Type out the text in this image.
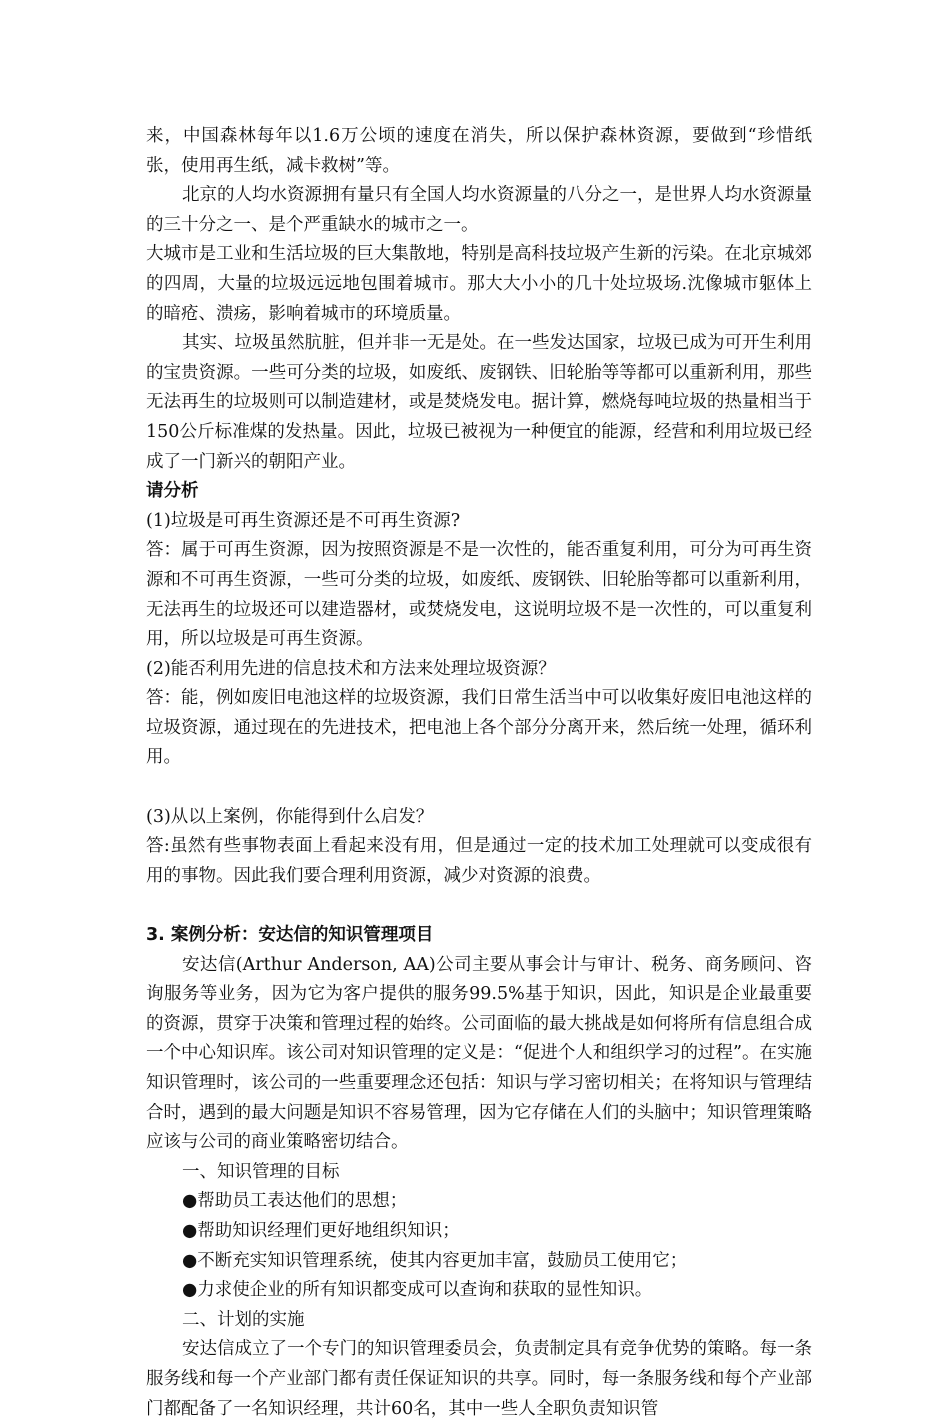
来，中国森林每年以1.6万公顷的速度在消失，所以保护森林资源，要做到“珍惜纸张，使用再生纸，减卡救树”等。

北京的人均水资源拥有量只有全国人均水资源量的八分之一，是世界人均水资源量的三十分之一、是个严重缺水的城市之一。

大城市是工业和生活垃圾的巨大集散地，特别是高科技垃圾产生新的污染。在北京城郊的四周，大量的垃圾远远地包围着城市。那大大小小的几十处垃圾场.沈像城市躯体上的暗疮、溃疡，影响着城市的环境质量。

其实、垃圾虽然肮脏，但并非一无是处。在一些发达国家，垃圾已成为可开生利用的宝贵资源。一些可分类的垃圾，如废纸、废钢铁、旧轮胎等等都可以重新利用，那些无法再生的垃圾则可以制造建材，或是焚烧发电。据计算，燃烧每吨垃圾的热量相当于150公斤标准煤的发热量。因此，垃圾已被视为一种便宜的能源，经营和利用垃圾已经成了一门新兴的朝阳产业。

请分析

(1)垃圾是可再生资源还是不可再生资源?

答：属于可再生资源，因为按照资源是不是一次性的，能否重复利用，可分为可再生资源和不可再生资源，一些可分类的垃圾，如废纸、废钢铁、旧轮胎等都可以重新利用，无法再生的垃圾还可以建造器材，或焚烧发电，这说明垃圾不是一次性的，可以重复利用，所以垃圾是可再生资源。

(2)能否利用先进的信息技术和方法来处理垃圾资源？

答：能，例如废旧电池这样的垃圾资源，我们日常生活当中可以收集好废旧电池这样的垃圾资源，通过现在的先进技术，把电池上各个部分分离开来，然后统一处理，循环利用。

(3)从以上案例，你能得到什么启发？

答:虽然有些事物表面上看起来没有用，但是通过一定的技术加工处理就可以变成很有用的事物。因此我们要合理利用资源，减少对资源的浪费。

3. 案例分析：安达信的知识管理项目

安达信(Arthur Anderson, AA)公司主要从事会计与审计、税务、商务顾问、咨询服务等业务，因为它为客户提供的服务99.5%基于知识，因此，知识是企业最重要的资源，贯穿于决策和管理过程的始终。公司面临的最大挑战是如何将所有信息组合成一个中心知识库。该公司对知识管理的定义是：“促进个人和组织学习的过程”。在实施知识管理时，该公司的一些重要理念还包括：知识与学习密切相关；在将知识与管理结合时，遇到的最大问题是知识不容易管理，因为它存储在人们的头脑中；知识管理策略应该与公司的商业策略密切结合。

一、知识管理的目标

●帮助员工表达他们的思想；

●帮助知识经理们更好地组织知识；

●不断充实知识管理系统，使其内容更加丰富，鼓励员工使用它；

●力求使企业的所有知识都变成可以查询和获取的显性知识。

二、计划的实施

安达信成立了一个专门的知识管理委员会，负责制定具有竞争优势的策略。每一条服务线和每一个产业部门都有责任保证知识的共享。同时，每一条服务线和每个产业部门都配备了一名知识经理，共计60名，其中一些人全职负责知识管
